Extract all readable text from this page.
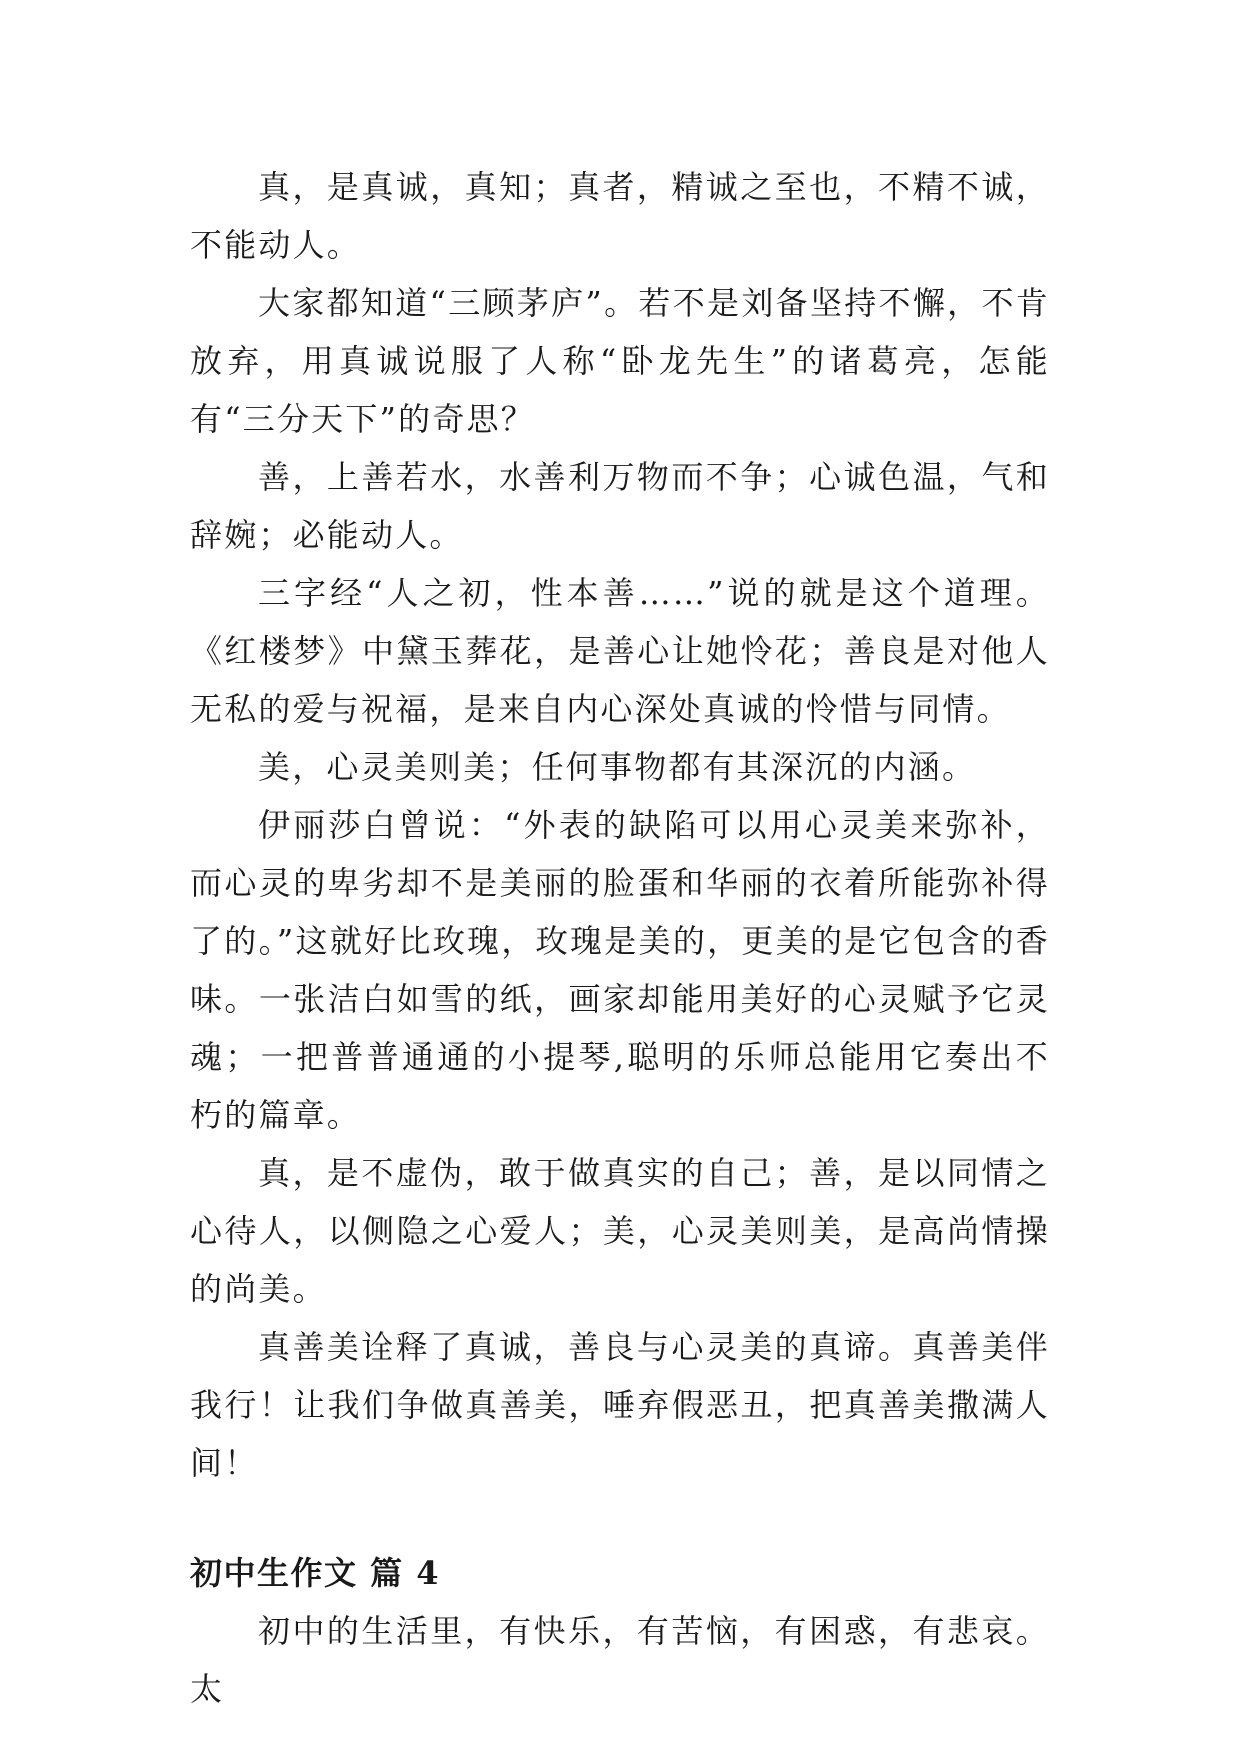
真，是真诚，真知；真者，精诚之至也，不精不诚，不能动人。

大家都知道“三顾茅庐”。若不是刘备坚持不懈，不肯放弃，用真诚说服了人称“卧龙先生”的诸葛亮，怎能有“三分天下”的奇思？

善，上善若水，水善利万物而不争；心诚色温，气和辞婉；必能动人。

三字经“人之初，性本善……”说的就是这个道理。《红楼梦》中黛玉葬花，是善心让她怜花；善良是对他人无私的爱与祝福，是来自内心深处真诚的怜惜与同情。

美，心灵美则美；任何事物都有其深沉的内涵。

伊丽莎白曾说：“外表的缺陷可以用心灵美来弥补，而心灵的卑劣却不是美丽的脸蛋和华丽的衣着所能弥补得了的。”这就好比玫瑰，玫瑰是美的，更美的是它包含的香味。一张洁白如雪的纸，画家却能用美好的心灵赋予它灵魂；一把普普通通的小提琴,聪明的乐师总能用它奏出不朽的篇章。

真，是不虚伪，敢于做真实的自己；善，是以同情之心待人，以侧隐之心爱人；美，心灵美则美，是高尚情操的尚美。

真善美诠释了真诚，善良与心灵美的真谛。真善美伴我行！让我们争做真善美，唾弃假恶丑，把真善美撒满人间！

初中生作文 篇 4

初中的生活里，有快乐，有苦恼，有困惑，有悲哀。太
